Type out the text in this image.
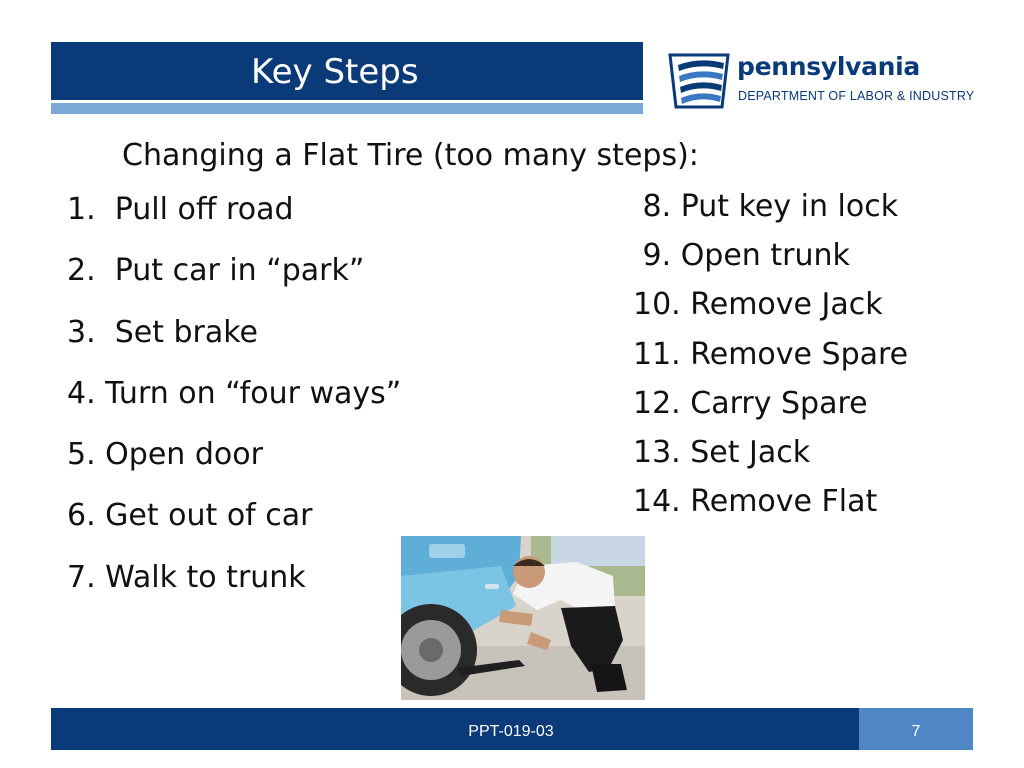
Key Steps	pennsylvania
DEPARTMENT OF LABOR & INDUSTRY
Changing a Flat Tire (too many steps):
1.  Pull off road
2.  Put car in “park”
3.  Set brake
4. Turn on “four ways”
5. Open door
6. Get out of car
7. Walk to trunk
8. Put key in lock
9. Open trunk
10. Remove Jack
11. Remove Spare
12. Carry Spare
13. Set Jack
14. Remove Flat
PPT-019-03	7
